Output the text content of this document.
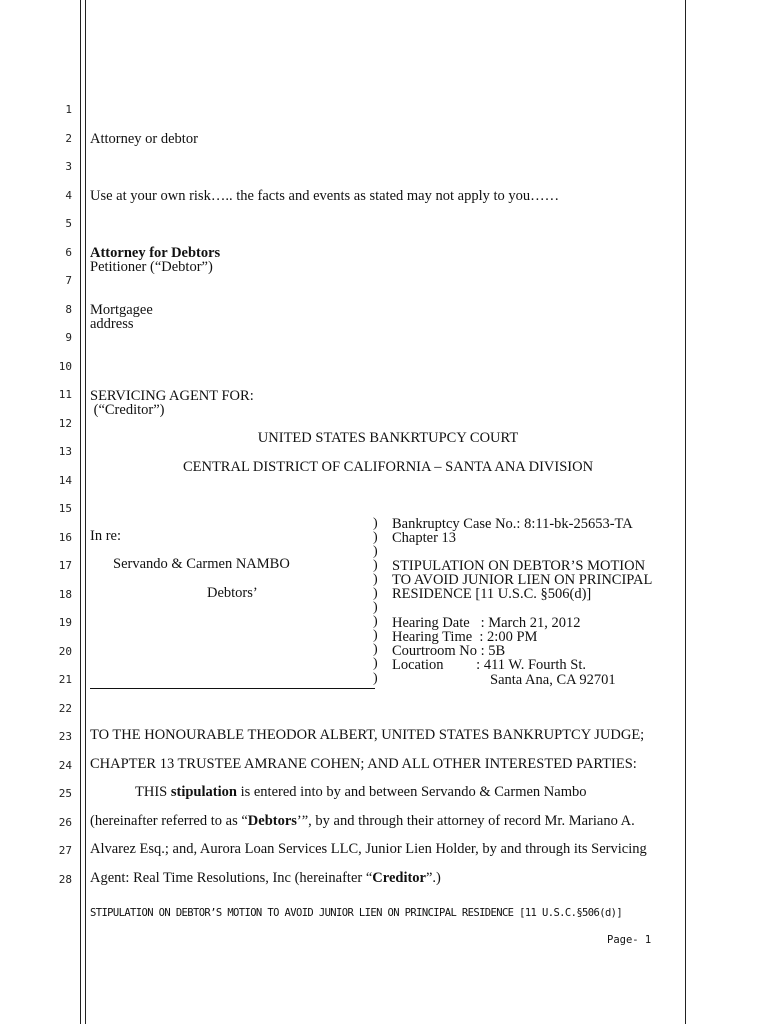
1
2
3
4
5
6
7
8
9
10
11
12
13
14
15
16
17
18
19
20
21
22
23
24
25
26
27
28
Attorney or debtor
Use at your own risk….. the facts and events as stated may not apply to you……
Attorney for Debtors
Petitioner (“Debtor”)
Mortgagee
address
SERVICING AGENT FOR:
(“Creditor”)
UNITED STATES BANKRTUPCY COURT
CENTRAL DISTRICT OF CALIFORNIA – SANTA ANA DIVISION
In re:
Servando & Carmen NAMBO
Debtors’
)
)
)
)
)
)
)
)
)
)
)
)
Bankruptcy Case No.: 8:11-bk-25653-TA
Chapter 13
STIPULATION ON DEBTOR’S MOTION
TO AVOID JUNIOR LIEN ON PRINCIPAL
RESIDENCE [11 U.S.C. §506(d)]
Hearing Date   : March 21, 2012
Hearing Time  : 2:00 PM
Courtroom No : 5B
Location         : 411 W. Fourth St.
Santa Ana, CA 92701
TO THE HONOURABLE THEODOR ALBERT, UNITED STATES BANKRUPTCY JUDGE;
CHAPTER 13 TRUSTEE AMRANE COHEN; AND ALL OTHER INTERESTED PARTIES:
THIS stipulation is entered into by and between Servando & Carmen Nambo
(hereinafter referred to as “Debtors’”, by and through their attorney of record Mr. Mariano A.
Alvarez Esq.; and, Aurora Loan Services LLC, Junior Lien Holder, by and through its Servicing
Agent: Real Time Resolutions, Inc (hereinafter “Creditor”.)
STIPULATION ON DEBTOR’S MOTION TO AVOID JUNIOR LIEN ON PRINCIPAL RESIDENCE [11 U.S.C.§506(d)]
Page- 1
